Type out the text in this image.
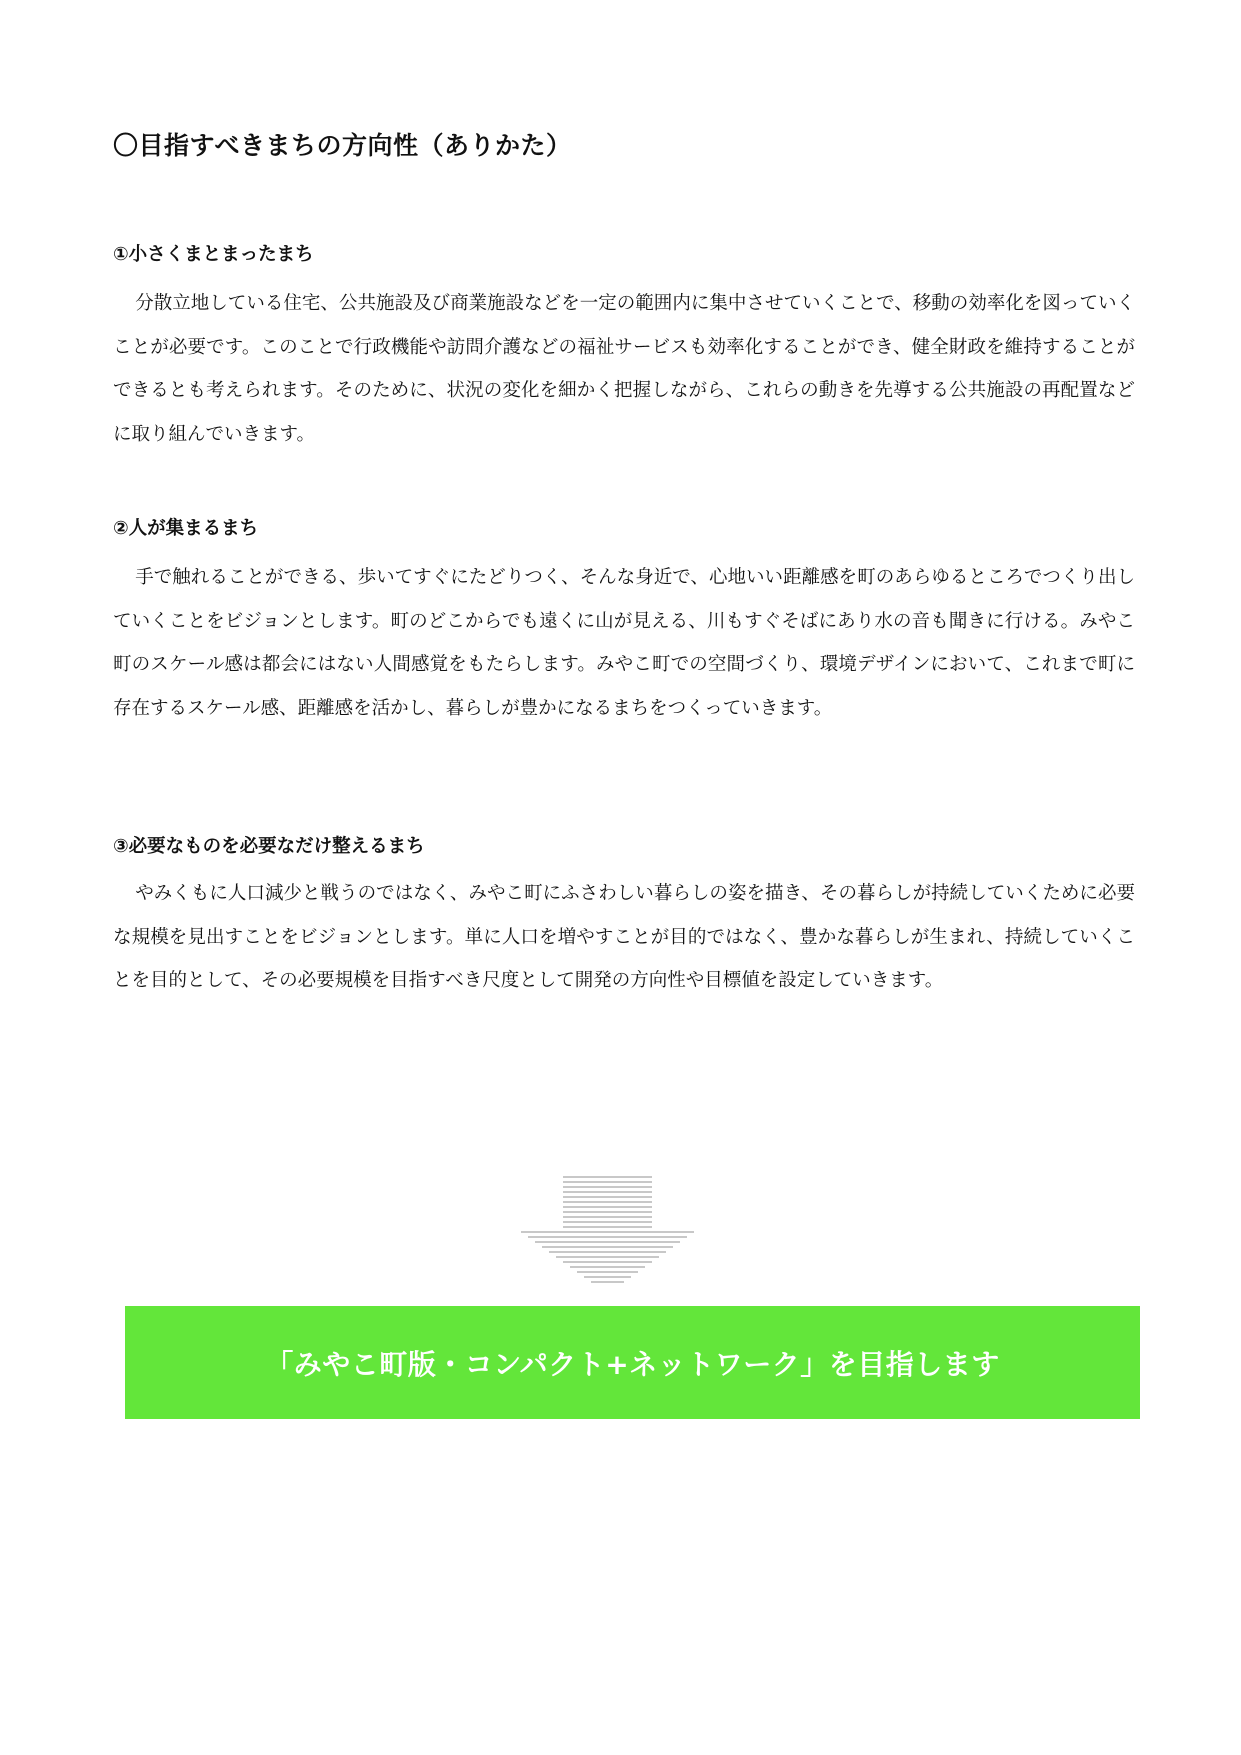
〇目指すべきまちの方向性（ありかた）
①小さくまとまったまち

分散立地している住宅、公共施設及び商業施設などを一定の範囲内に集中させていくことで、移動の効率化を図っていくことが必要です。このことで行政機能や訪問介護などの福祉サービスも効率化することができ、健全財政を維持することができるとも考えられます。そのために、状況の変化を細かく把握しながら、これらの動きを先導する公共施設の再配置などに取り組んでいきます。

②人が集まるまち

手で触れることができる、歩いてすぐにたどりつく、そんな身近で、心地いい距離感を町のあらゆるところでつくり出していくことをビジョンとします。町のどこからでも遠くに山が見える、川もすぐそばにあり水の音も聞きに行ける。みやこ町のスケール感は都会にはない人間感覚をもたらします。みやこ町での空間づくり、環境デザインにおいて、これまで町に存在するスケール感、距離感を活かし、暮らしが豊かになるまちをつくっていきます。

③必要なものを必要なだけ整えるまち

やみくもに人口減少と戦うのではなく、みやこ町にふさわしい暮らしの姿を描き、その暮らしが持続していくために必要な規模を見出すことをビジョンとします。単に人口を増やすことが目的ではなく、豊かな暮らしが生まれ、持続していくことを目的として、その必要規模を目指すべき尺度として開発の方向性や目標値を設定していきます。

「みやこ町版・コンパクト+ネットワーク」を目指します
